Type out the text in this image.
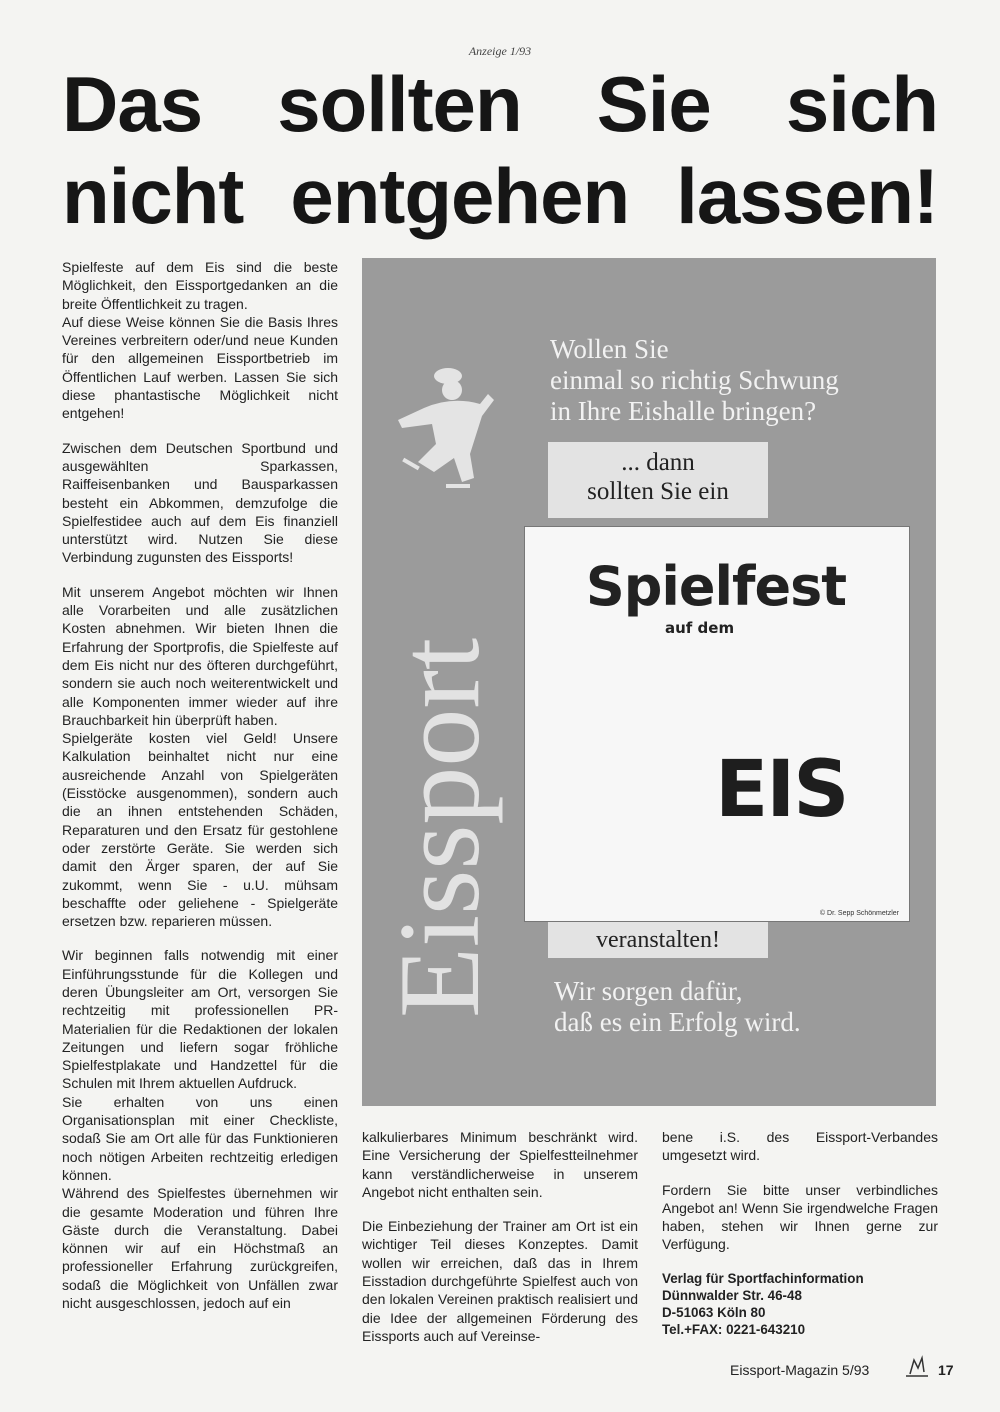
Anzeige 1/93
Das sollten Sie sich
nicht entgehen lassen!

Spielfeste auf dem Eis sind die beste Möglichkeit, den Eissportgedanken an die breite Öffentlichkeit zu tragen.

Auf diese Weise können Sie die Basis Ihres Vereines verbreitern oder/und neue Kunden für den allgemeinen Eissportbetrieb im Öffentlichen Lauf werben. Lassen Sie sich diese phantastische Möglichkeit nicht entgehen!

Zwischen dem Deutschen Sportbund und ausgewählten Sparkassen, Raiffeisenbanken und Bausparkassen besteht ein Abkommen, demzufolge die Spielfestidee auch auf dem Eis finanziell unterstützt wird. Nutzen Sie diese Verbindung zugunsten des Eissports!

Mit unserem Angebot möchten wir Ihnen alle Vorarbeiten und alle zusätzlichen Kosten abnehmen. Wir bieten Ihnen die Erfahrung der Sportprofis, die Spielfeste auf dem Eis nicht nur des öfteren durchgeführt, sondern sie auch noch weiterentwickelt und alle Komponenten immer wieder auf ihre Brauchbarkeit hin überprüft haben.

Spielgeräte kosten viel Geld! Unsere Kalkulation beinhaltet nicht nur eine ausreichende Anzahl von Spielgeräten (Eisstöcke ausgenommen), sondern auch die an ihnen entstehenden Schäden, Reparaturen und den Ersatz für gestohlene oder zerstörte Geräte. Sie werden sich damit den Ärger sparen, der auf Sie zukommt, wenn Sie - u.U. mühsam beschaffte oder geliehene - Spielgeräte ersetzen bzw. reparieren müssen.

Wir beginnen falls notwendig mit einer Einführungsstunde für die Kollegen und deren Übungsleiter am Ort, versorgen Sie rechtzeitig mit professionellen PR-Materialien für die Redaktionen der lokalen Zeitungen und liefern sogar fröhliche Spielfestplakate und Handzettel für die Schulen mit Ihrem aktuellen Aufdruck.

Sie erhalten von uns einen Organisationsplan mit einer Checkliste, sodaß Sie am Ort alle für das Funktionieren noch nötigen Arbeiten rechtzeitig erledigen können.

Während des Spielfestes übernehmen wir die gesamte Moderation und führen Ihre Gäste durch die Veranstaltung. Dabei können wir auf ein Höchstmaß an professioneller Erfahrung zurückgreifen, sodaß die Möglichkeit von Unfällen zwar nicht ausgeschlossen, jedoch auf ein

Eissport
Wollen Sie
einmal so richtig Schwung
in Ihre Eishalle bringen?
... dann
sollten Sie ein
Spielfest
auf dem
EIS
© Dr. Sepp Schönmetzler
veranstalten!
Wir sorgen dafür,
daß es ein Erfolg wird.

kalkulierbares Minimum beschränkt wird. Eine Versicherung der Spielfestteilnehmer kann verständlicherweise in unserem Angebot nicht enthalten sein.

Die Einbeziehung der Trainer am Ort ist ein wichtiger Teil dieses Konzeptes. Damit wollen wir erreichen, daß das in Ihrem Eisstadion durchgeführte Spielfest auch von den lokalen Vereinen praktisch realisiert und die Idee der allgemeinen Förderung des Eissports auch auf Vereinse-

bene i.S. des Eissport-Verbandes umgesetzt wird.

Fordern Sie bitte unser verbindliches Angebot an! Wenn Sie irgendwelche Fragen haben, stehen wir Ihnen gerne zur Verfügung.

Verlag für Sportfachinformation
Dünnwalder Str. 46-48
D-51063 Köln 80
Tel.+FAX: 0221-643210
Eissport-Magazin 5/93	17
